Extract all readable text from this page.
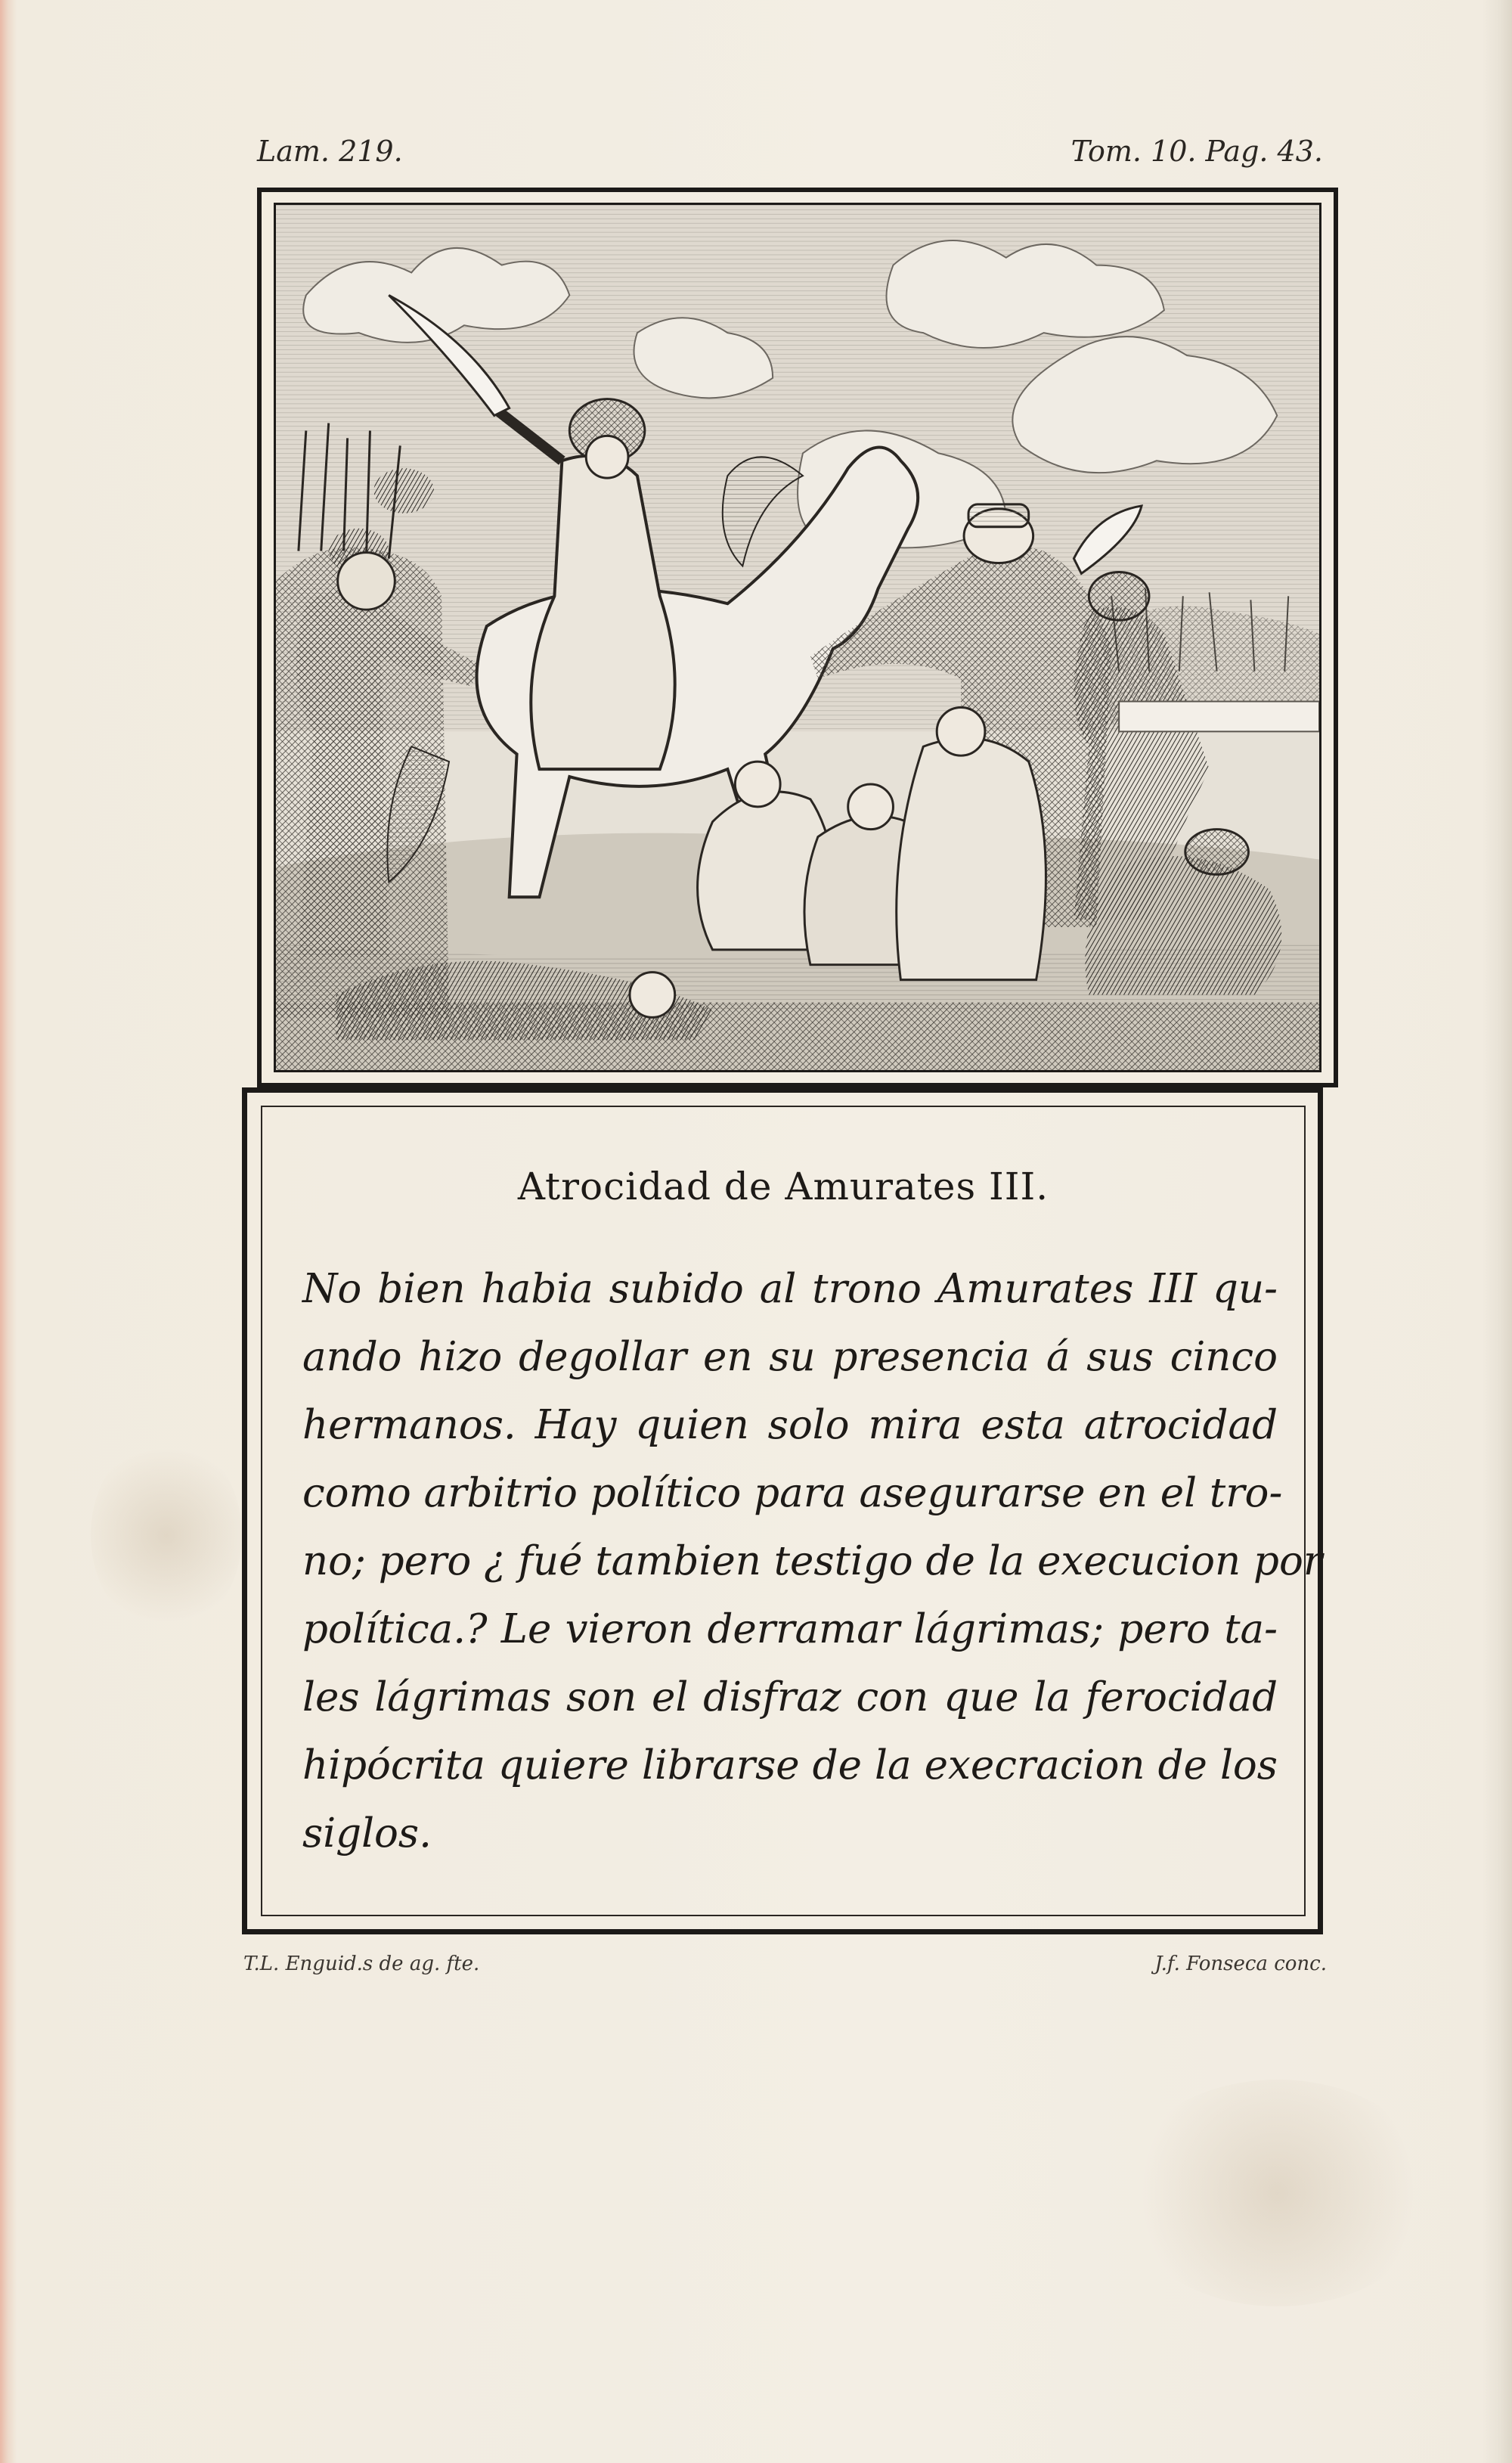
Lam. 219.	Tom. 10. Pag. 43.
Atrocidad de Amurates III.
No bien habia subido al trono Amurates III qu-
ando hizo degollar en su presencia á sus cinco
hermanos. Hay quien solo mira esta atrocidad
como arbitrio político para asegurarse en el tro-
no; pero ¿ fué tambien testigo de la execucion por
política.? Le vieron derramar lágrimas; pero ta-
les lágrimas son el disfraz con que la ferocidad
hipócrita quiere librarse de la execracion de los
siglos.
T.L. Enguid.s de ag. fte.	J.f. Fonseca conc.
